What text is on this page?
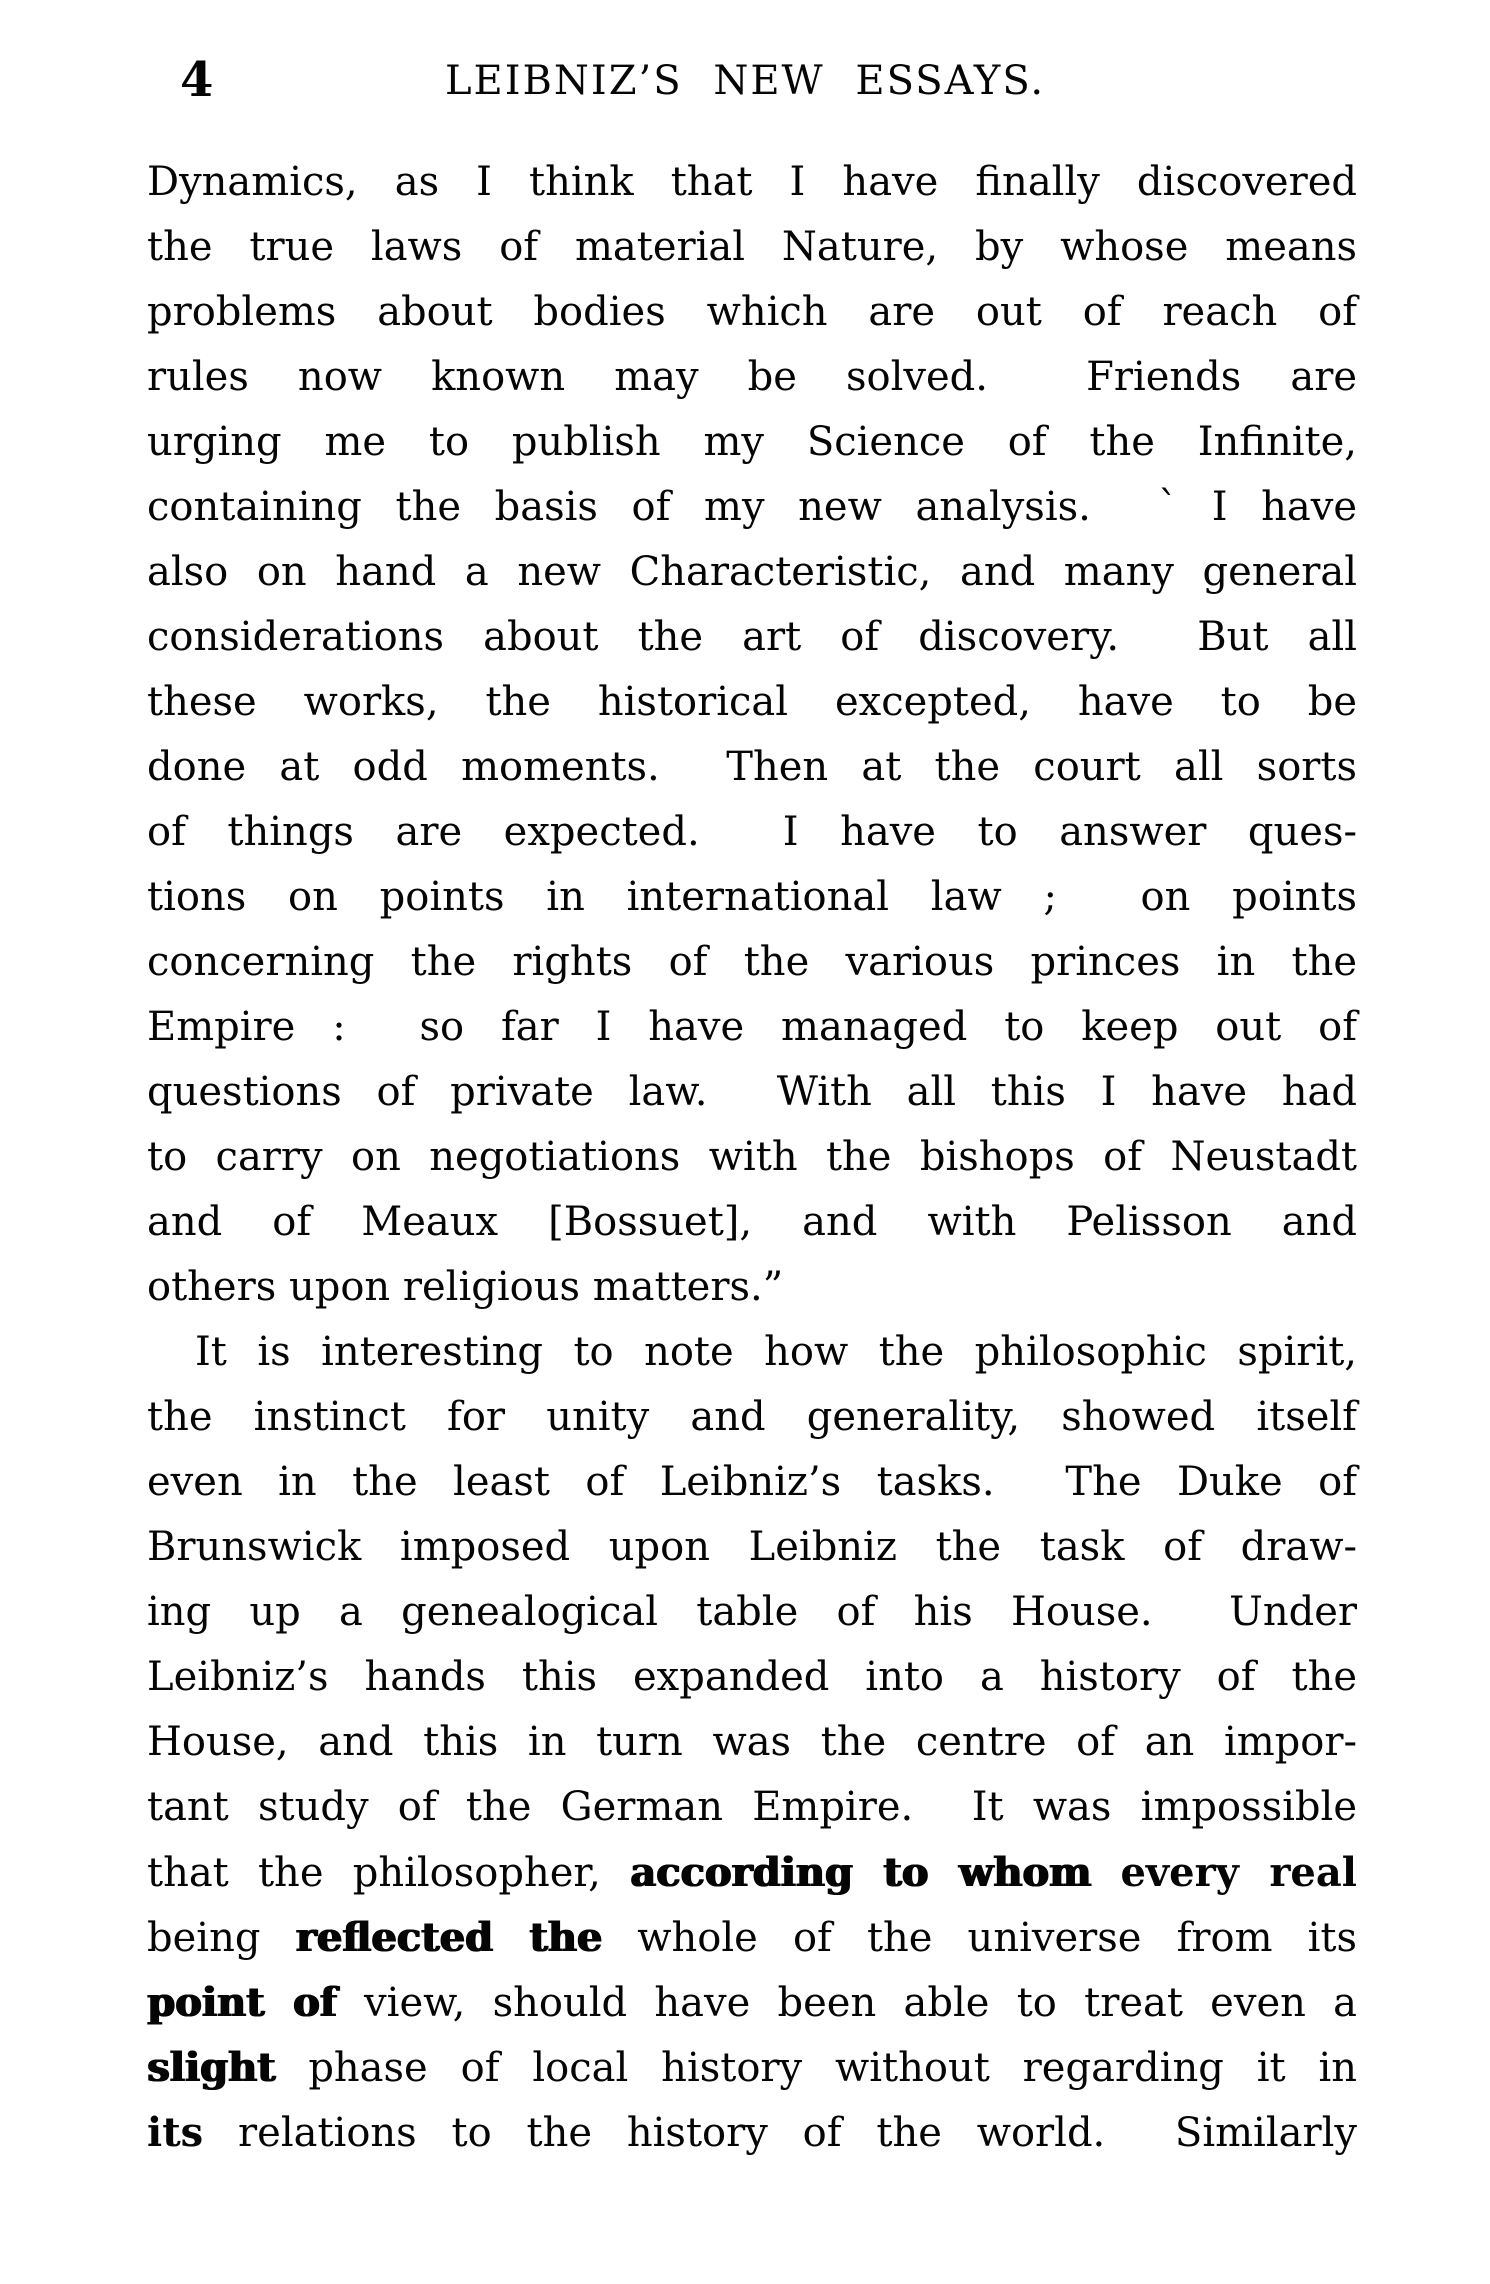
4	LEIBNIZ’S NEW ESSAYS.
Dynamics, as I think that I have finally discovered
the true laws of material Nature, by whose means
problems about bodies which are out of reach of
rules now known may be solved.  Friends are
urging me to publish my Science of the Infinite,
containing the basis of my new analysis.  ` I have
also on hand a new Characteristic, and many general
considerations about the art of discovery.  But all
these works, the historical excepted, have to be
done at odd moments.  Then at the court all sorts
of things are expected.  I have to answer ques-
tions on points in international law ;  on points
concerning the rights of the various princes in the
Empire :  so far I have managed to keep out of
questions of private law.  With all this I have had
to carry on negotiations with the bishops of Neustadt
and of Meaux [Bossuet], and with Pelisson and
others upon religious matters.”
It is interesting to note how the philosophic spirit,
the instinct for unity and generality, showed itself
even in the least of Leibniz’s tasks.  The Duke of
Brunswick imposed upon Leibniz the task of draw-
ing up a genealogical table of his House.  Under
Leibniz’s hands this expanded into a history of the
House, and this in turn was the centre of an impor-
tant study of the German Empire.  It was impossible
that the philosopher, according to whom every real
being reflected the whole of the universe from its
point of view, should have been able to treat even a
slight phase of local history without regarding it in
its relations to the history of the world.  Similarly
